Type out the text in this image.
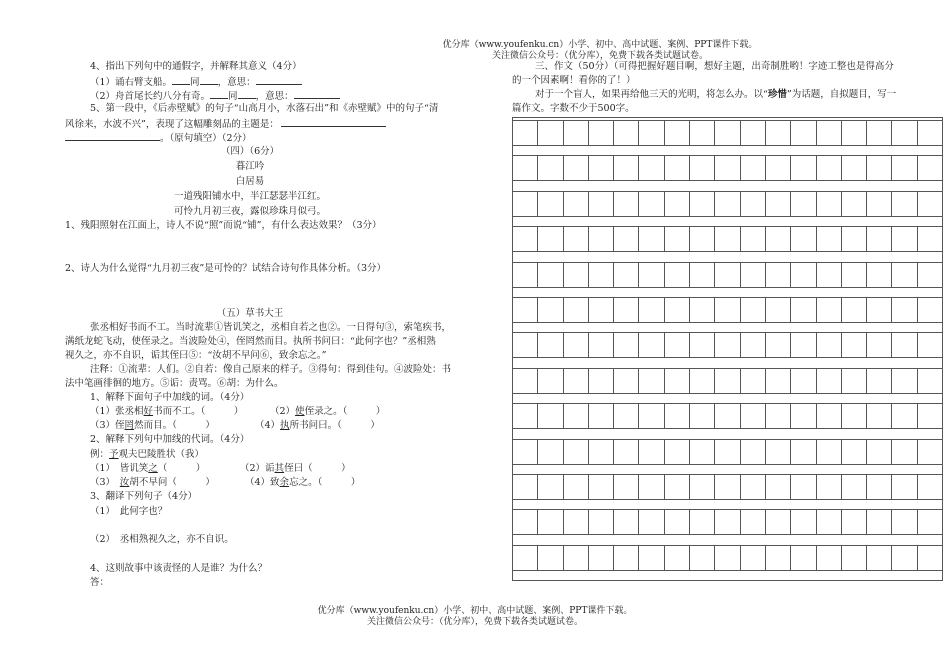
优分库（www.youfenku.cn）小学、初中、高中试题、案例、PPT课件下载。
关注微信公众号：（优分库），免费下载各类试题试卷。
4、指出下列句中的通假字，并解释其意义（4分）
（1）诵右臂支船。 同 ，意思：
（2）舟首尾长约八分有奇。 同 ，意思：
5、第一段中，《后赤壁赋》的句子“山高月小，水落石出”和《赤壁赋》中的句子“清
风徐来，水波不兴”，表现了这幅雕刻品的主题是：
。（原句填空）（2分）
（四）（6分）
暮江吟
白居易
一道残阳铺水中，半江瑟瑟半江红。
可怜九月初三夜，露似珍珠月似弓。
1、残阳照射在江面上，诗人不说“照”而说“铺”，有什么表达效果？（3分）
2、诗人为什么觉得“九月初三夜”是可怜的？试结合诗句作具体分析。（3分）
（五）草书大王
张丞相好书而不工。当时流辈①皆讥笑之，丞相自若之也②。一日得句③，索笔疾书，
满纸龙蛇飞动，使侄录之。当波险处④，侄罔然而目。执所书问曰：“此何字也？”丞相熟
视久之，亦不自识，诟其侄曰⑤：“汝胡不早问⑥，致余忘之。”
注释：①流辈：人们。②自若：像自己原来的样子。③得句：得到佳句。④波险处：书
法中笔画徘徊的地方。⑤诟：责骂。⑥胡：为什么。
1、解释下面句子中加线的词。（4分）
（1）张丞相好书而不工。（　　　）	（2）使侄录之。（　　　）
（3）侄罔然而目。（　　　）	（4）执所书问曰。（　　　）
2、解释下列句中加线的代词。（4分）
例：予观夫巴陵胜状（我）
（1）　皆讥笑之（　　　）	（2）诟其侄曰（　　　）
（3）　汝胡不早问（　　　）	（4）致余忘之。（　　　）
3、翻译下列句子（4分）
（1）　此何字也？
（2）　丞相熟视久之，亦不自识。
4、这则故事中该责怪的人是谁？为什么？
答：
三、作文（50分）（可得把握好题目啊，想好主题，出奇制胜哟！字迹工整也是得高分
的一个因素啊！看你的了！）
对于一个盲人，如果再给他三天的光明，将怎么办。以“珍惜”为话题，自拟题目，写一
篇作文。字数不少于500字。
优分库（www.youfenku.cn）小学、初中、高中试题、案例、PPT课件下载。
关注微信公众号：（优分库），免费下载各类试题试卷。
